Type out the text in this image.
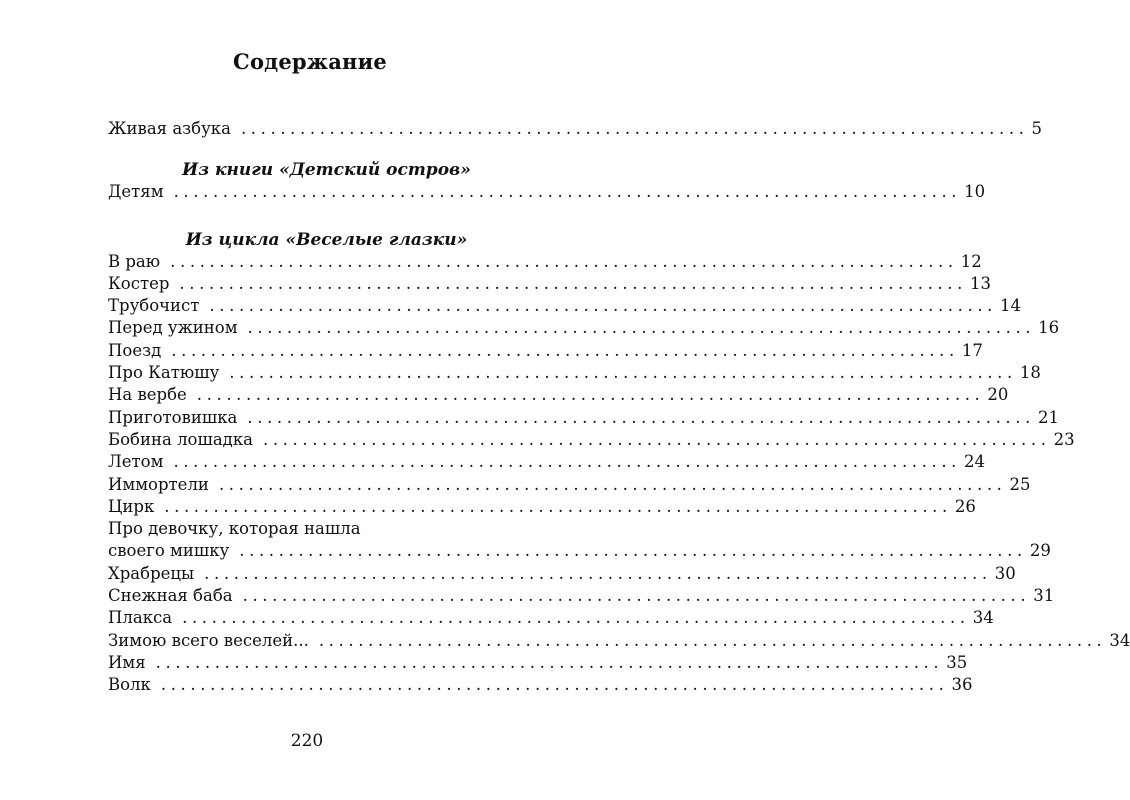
Содержание
Живая азбука ................................................................................ 5
Из книги «Детский остров»
Детям ................................................................................ 10
Из цикла «Веселые глазки»
В раю ................................................................................ 12
Костер ................................................................................ 13
Трубочист ................................................................................ 14
Перед ужином ................................................................................ 16
Поезд ................................................................................ 17
Про Катюшу ................................................................................ 18
На вербе ................................................................................ 20
Приготовишка ................................................................................ 21
Бобина лошадка ................................................................................ 23
Летом ................................................................................ 24
Иммортели ................................................................................ 25
Цирк ................................................................................ 26
Про девочку, которая нашла
своего мишку ................................................................................ 29
Храбрецы ................................................................................ 30
Снежная баба ................................................................................ 31
Плакса ................................................................................ 34
Зимою всего веселей... ................................................................................ 34
Имя ................................................................................ 35
Волк ................................................................................ 36
220
